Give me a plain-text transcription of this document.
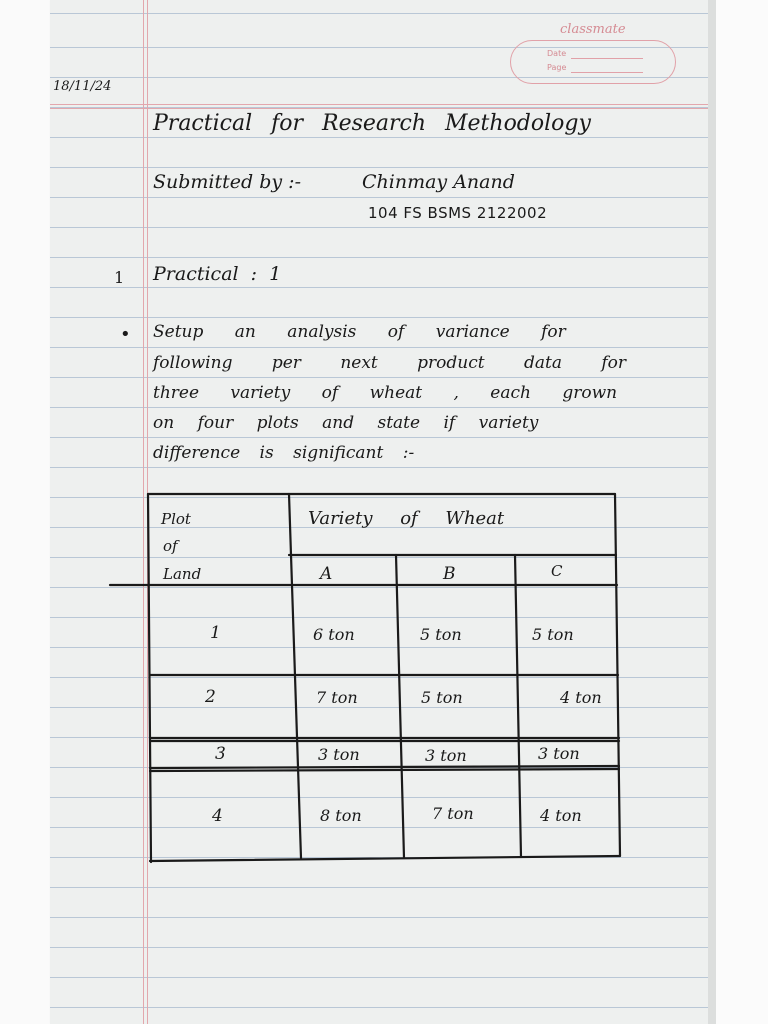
classmate
Date
Page
18/11/24
Practical for Research Methodology
Submitted by :-	Chinmay Anand
104 FS BSMS 2122002
1 Practical : 1
• Setup an analysis of variance for
following per next product data for
three variety of wheat , each grown
on four plots and state if variety
difference is significant :-
Plot
of
Land
Variety of Wheat
A	B	C
1	6 ton	5 ton	5 ton
2	7 ton	5 ton	4 ton
3	3 ton	3 ton	3 ton
4	8 ton	7 ton	4 ton
